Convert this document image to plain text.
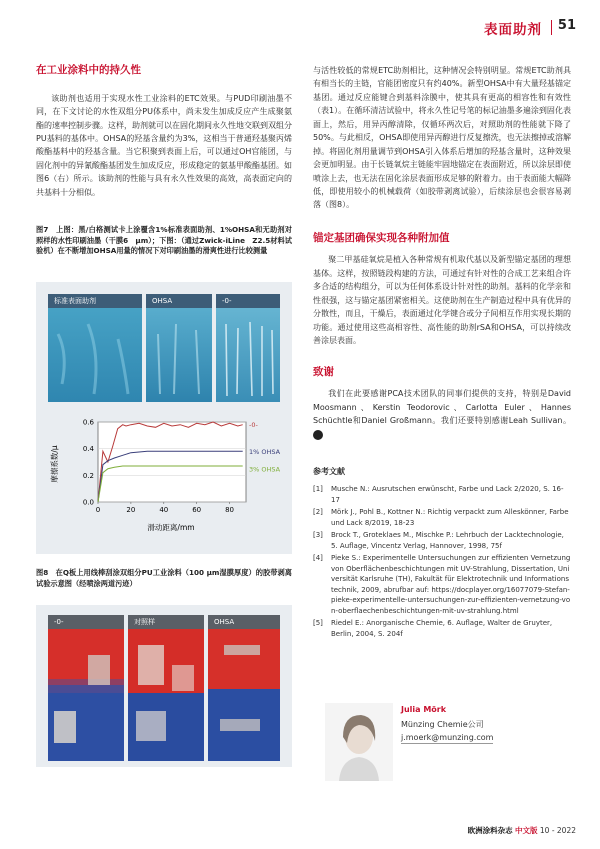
表面助剂 51
在工业涂料中的持久性

该助剂也适用于实现水性工业涂料的ETC效果。与PUD印刷油墨不同，在下文讨论的水性双组分PU体系中，尚未发生加成反应产生成聚氨酯的速率控制步骤。这样，助剂就可以在固化期间永久性地交联到双组分PU基料的基体中。OHSA的羟基含量约为3%，这相当于普通羟基聚丙烯酸酯基料中的羟基含量。当它积聚到表面上后，可以通过OH官能团，与固化剂中的异氰酸酯基团发生加成反应，形成稳定的氨基甲酸酯基团。如图6（右）所示。该助剂的性能与具有永久性效果的高效，高表面定向的共基料十分相似。

图7　上图：黑/白格测试卡上涂覆含1%标准表面助剂、1%OHSA和无助剂对照样的水性印刷油墨（干膜6　μm）；下图：（通过Zwick-iLine　Z2.5材料试验机）在不断增加OHSA用量的情况下对印刷油墨的滑爽性进行比较测量

标准表面助剂	OHSA	-0-
-0-
1% OHSA
3% OHSA
0.0
0.2
0.4
0.6
0	20	40	60	80
滑动距离/mm
摩擦系数/μ

图8　在Q板上用线棒刮涂双组分PU工业涂料（100 μm湿膜厚度）的胶带剥离试验示意图（经喷涂两道污迹）

-0-	对照样	OHSA

与活性较低的常规ETC助剂相比，这种情况会特别明显。常规ETC助剂具有相当长的主链，官能团密度只有约40%。新型OHSA中有大量羟基锚定基团。通过反应能键合到基料涂膜中，使其具有更高的相容性和有效性（表1）。在循环清洁试验中，将永久性记号笔的标记油墨多遍涂到固化表面上，然后，用异丙醇清除，仅循环两次后，对照助剂的性能就下降了50%。与此相反，OHSA即使用异丙醇进行反复擦洗，也无法擦掉或溶解掉。将固化剂用量调节到OHSA引入体系后增加的羟基含量时，这种效果会更加明显。由于长链氧烷主链能牢固地锚定在表面附近，所以涂层即使喷涂上去，也无法在固化涂层表面形成足够的附着力。由于表面能大幅降低，即使用较小的机械载荷（如胶带剥离试验），后续涂层也会很容易剥落（图8）。

锚定基团确保实现各种附加值

聚二甲基硅氧烷是植入各种常规有机取代基以及新型锚定基团的理想基体。这样，按照链段构建的方法，可通过有针对性的合成工艺来组合许多合适的结构组分，可以为任何体系设计针对性的助剂。基料的化学亲和性很强，这与锚定基团紧密相关。这使助剂在生产制造过程中具有优异的分散性，而且，干燥后，表面通过化学键合或分子间相互作用实现长期的功能。通过使用这些高相容性、高性能的助剂rSA和OHSA，可以持续改善涂层表面。

致谢

我们在此要感谢PCA技术团队的同事们提供的支持，特别是David Moosmann、Kerstin Teodorovic、Carlotta Euler、Hannes Schüchtle和Daniel Großmann。我们还要特别感谢Leah Sullivan。 ❯

参考文献

[1] Musche N.: Ausrutschen erwünscht, Farbe und Lack 2/2020, S. 16-17
[2] Mörk J., Pohl B., Kottner N.: Richtig verpackt zum Alleskönner, Farbe und Lack 8/2019, 18-23
[3] Brock T., Groteklaes M., Mischke P.: Lehrbuch der Lacktechnologie, 5. Auflage, Vincentz Verlag, Hannover, 1998, 75f
[4] Pieke S.: Experimentelle Untersuchungen zur effizienten Vernetzung von Oberflächenbeschichtungen mit UV-Strahlung, Dissertation, Universität Karlsruhe (TH), Fakultät für Elektrotechnik und Informationstechnik, 2009, abrufbar auf: https://docplayer.org/16077079-Stefan-pieke-experimentelle-untersuchungen-zur-effizienten-vernetzung-von-oberflaechenbeschichtungen-mit-uv-strahlung.html
[5] Riedel E.: Anorganische Chemie, 6. Auflage, Walter de Gruyter, Berlin, 2004, S. 204f
Julia Mörk
Münzing Chemie公司
j.moerk@munzing.com
欧洲涂料杂志 中文版 10 - 2022
